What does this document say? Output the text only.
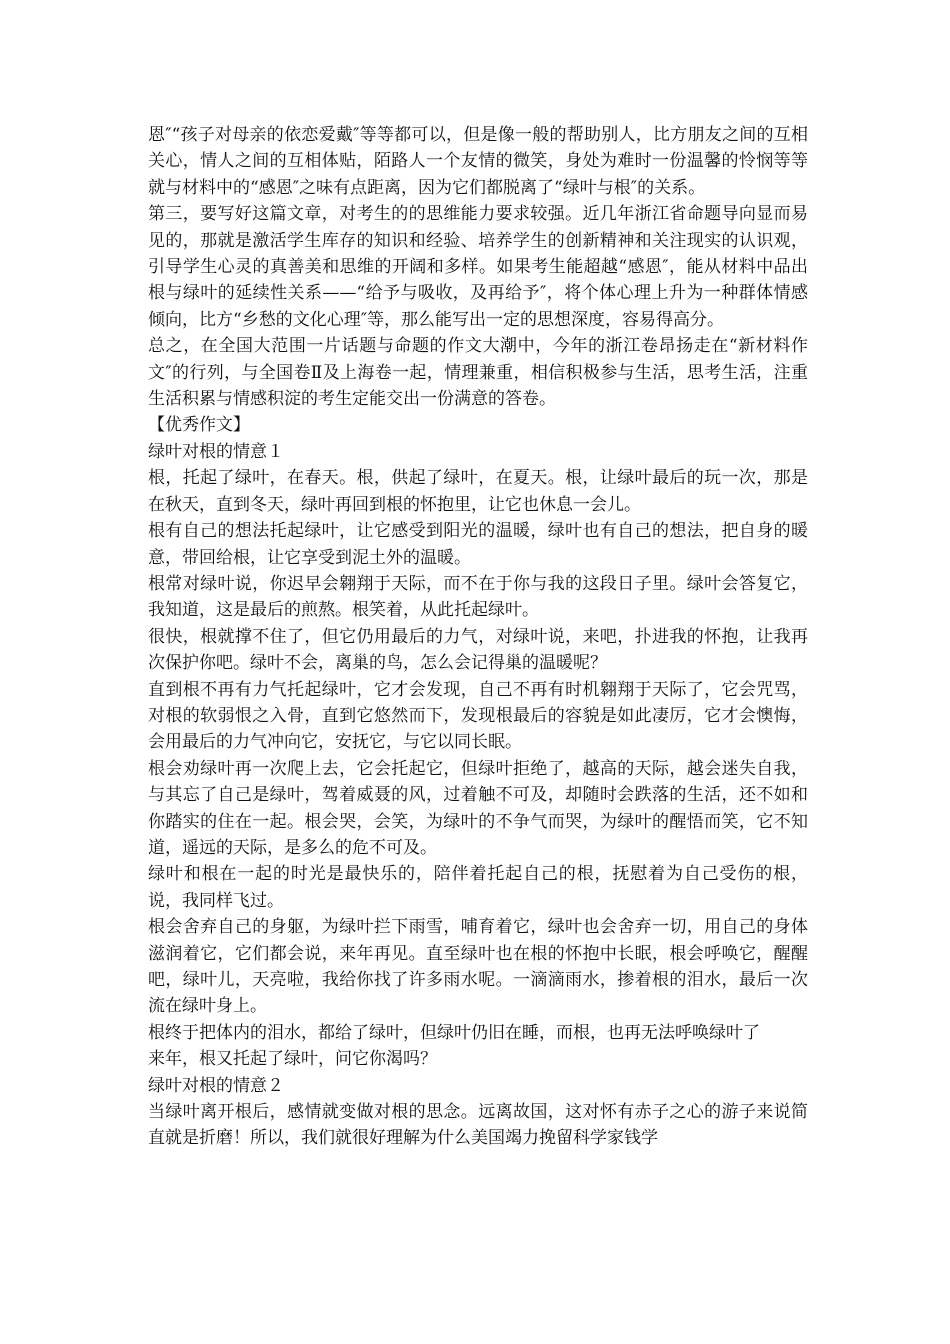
恩″“孩子对母亲的依恋爱戴″等等都可以，但是像一般的帮助别人，比方朋友之间的互相关心，情人之间的互相体贴，陌路人一个友情的微笑，身处为难时一份温馨的怜悯等等就与材料中的“感恩″之味有点距离，因为它们都脱离了“绿叶与根″的关系。

第三，要写好这篇文章，对考生的的思维能力要求较强。近几年浙江省命题导向显而易见的，那就是激活学生库存的知识和经验、培养学生的创新精神和关注现实的认识观，引导学生心灵的真善美和思维的开阔和多样。如果考生能超越“感恩″，能从材料中品出根与绿叶的延续性关系——“给予与吸收，及再给予″，将个体心理上升为一种群体情感倾向，比方“乡愁的文化心理″等，那么能写出一定的思想深度，容易得高分。

总之，在全国大范围一片话题与命题的作文大潮中，今年的浙江卷昂扬走在“新材料作文″的行列，与全国卷Ⅱ及上海卷一起，情理兼重，相信积极参与生活，思考生活，注重生活积累与情感积淀的考生定能交出一份满意的答卷。

【优秀作文】

绿叶对根的情意１

根，托起了绿叶，在春天。根，供起了绿叶，在夏天。根，让绿叶最后的玩一次，那是在秋天，直到冬天，绿叶再回到根的怀抱里，让它也休息一会儿。

根有自己的想法托起绿叶，让它感受到阳光的温暖，绿叶也有自己的想法，把自身的暖意，带回给根，让它享受到泥土外的温暖。

根常对绿叶说，你迟早会翱翔于天际，而不在于你与我的这段日子里。绿叶会答复它，我知道，这是最后的煎熬。根笑着，从此托起绿叶。

很快，根就撑不住了，但它仍用最后的力气，对绿叶说，来吧，扑进我的怀抱，让我再次保护你吧。绿叶不会，离巢的鸟，怎么会记得巢的温暖呢？

直到根不再有力气托起绿叶，它才会发现，自己不再有时机翱翔于天际了，它会咒骂，对根的软弱恨之入骨，直到它悠然而下，发现根最后的容貌是如此凄厉，它才会懊悔，会用最后的力气冲向它，安抚它，与它以同长眠。

根会劝绿叶再一次爬上去，它会托起它，但绿叶拒绝了，越高的天际，越会迷失自我，与其忘了自己是绿叶，驾着威聂的风，过着触不可及，却随时会跌落的生活，还不如和你踏实的住在一起。根会哭，会笑，为绿叶的不争气而哭，为绿叶的醒悟而笑，它不知道，遥远的天际，是多么的危不可及。

绿叶和根在一起的时光是最快乐的，陪伴着托起自己的根，抚慰着为自己受伤的根，说，我同样飞过。

根会舍弃自己的身躯，为绿叶拦下雨雪，哺育着它，绿叶也会舍弃一切，用自己的身体滋润着它，它们都会说，来年再见。直至绿叶也在根的怀抱中长眠，根会呼唤它，醒醒吧，绿叶儿，天亮啦，我给你找了许多雨水呢。一滴滴雨水，掺着根的泪水，最后一次流在绿叶身上。

根终于把体内的泪水，都给了绿叶，但绿叶仍旧在睡，而根，也再无法呼唤绿叶了

来年，根又托起了绿叶，问它你渴吗？

绿叶对根的情意２

当绿叶离开根后，感情就变做对根的思念。远离故国，这对怀有赤子之心的游子来说简直就是折磨！所以，我们就很好理解为什么美国竭力挽留科学家钱学
